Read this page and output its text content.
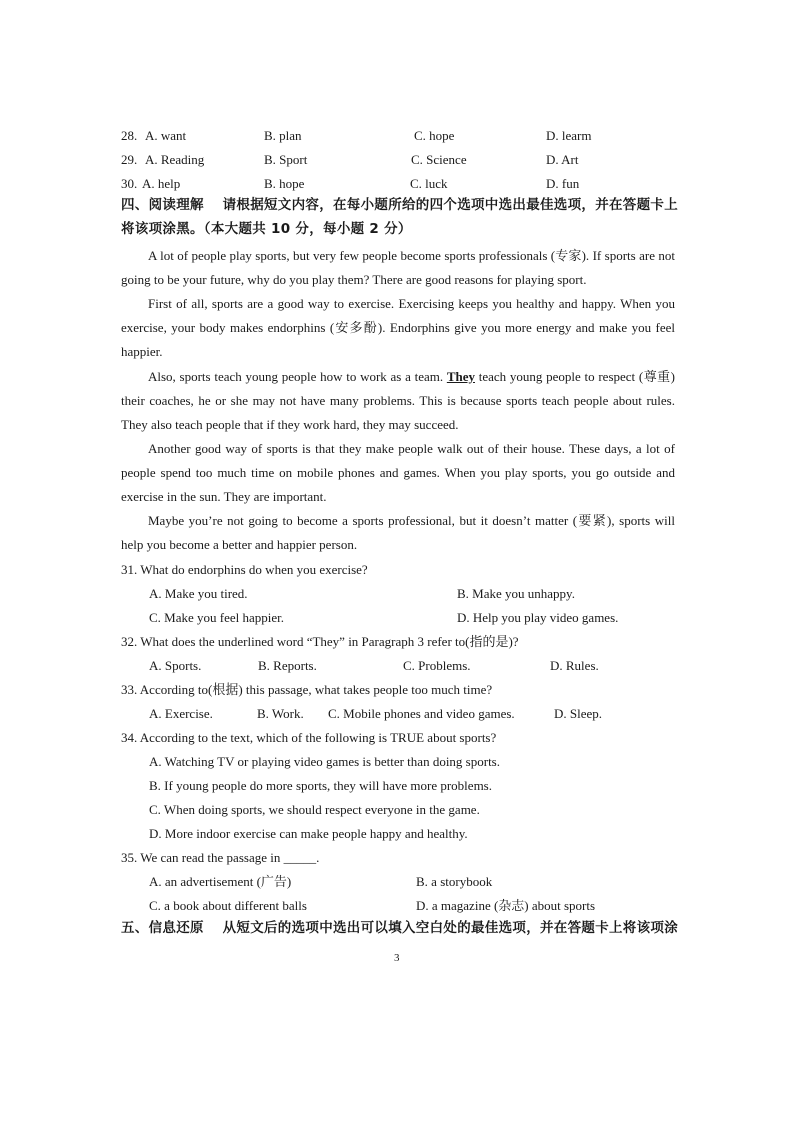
28. A. want	B. plan	C. hope	D. learm
29. A. Reading	B. Sport	C. Science	D. Art
30. A. help	B. hope	C. luck	D. fun
四、阅读理解 　请根据短文内容，在每小题所给的四个选项中选出最佳选项，并在答题卡上
将该项涂黑。（本大题共 10 分，每小题 2 分）

A lot of people play sports, but very few people become sports professionals (专家). If sports are not going to be your future, why do you play them? There are good reasons for playing sport.

First of all, sports are a good way to exercise. Exercising keeps you healthy and happy. When you exercise, your body makes endorphins (安多酚). Endorphins give you more energy and make you feel happier.

Also, sports teach young people how to work as a team. They teach young people to respect (尊重) their coaches, he or she may not have many problems. This is because sports teach people about rules. They also teach people that if they work hard, they may succeed.

Another good way of sports is that they make people walk out of their house. These days, a lot of people spend too much time on mobile phones and games. When you play sports, you go outside and exercise in the sun. They are important.

Maybe you’re not going to become a sports professional, but it doesn’t matter (要紧), sports will help you become a better and happier person.

31. What do endorphins do when you exercise?
A. Make you tired.	B. Make you unhappy.
C. Make you feel happier.	D. Help you play video games.
32. What does the underlined word “They” in Paragraph 3 refer to(指的是)?
A. Sports.	B. Reports.	C. Problems.	D. Rules.
33. According to(根据) this passage, what takes people too much time?
A. Exercise.	B. Work. C. Mobile phones and video games.	D. Sleep.
34. According to the text, which of the following is TRUE about sports?
A. Watching TV or playing video games is better than doing sports.
B. If young people do more sports, they will have more problems.
C. When doing sports, we should respect everyone in the game.
D. More indoor exercise can make people happy and healthy.
35. We can read the passage in _____.
A. an advertisement (广告)	B. a storybook
C. a book about different balls	D. a magazine (杂志) about sports
五、信息还原 　从短文后的选项中选出可以填入空白处的最佳选项，并在答题卡上将该项涂
3
